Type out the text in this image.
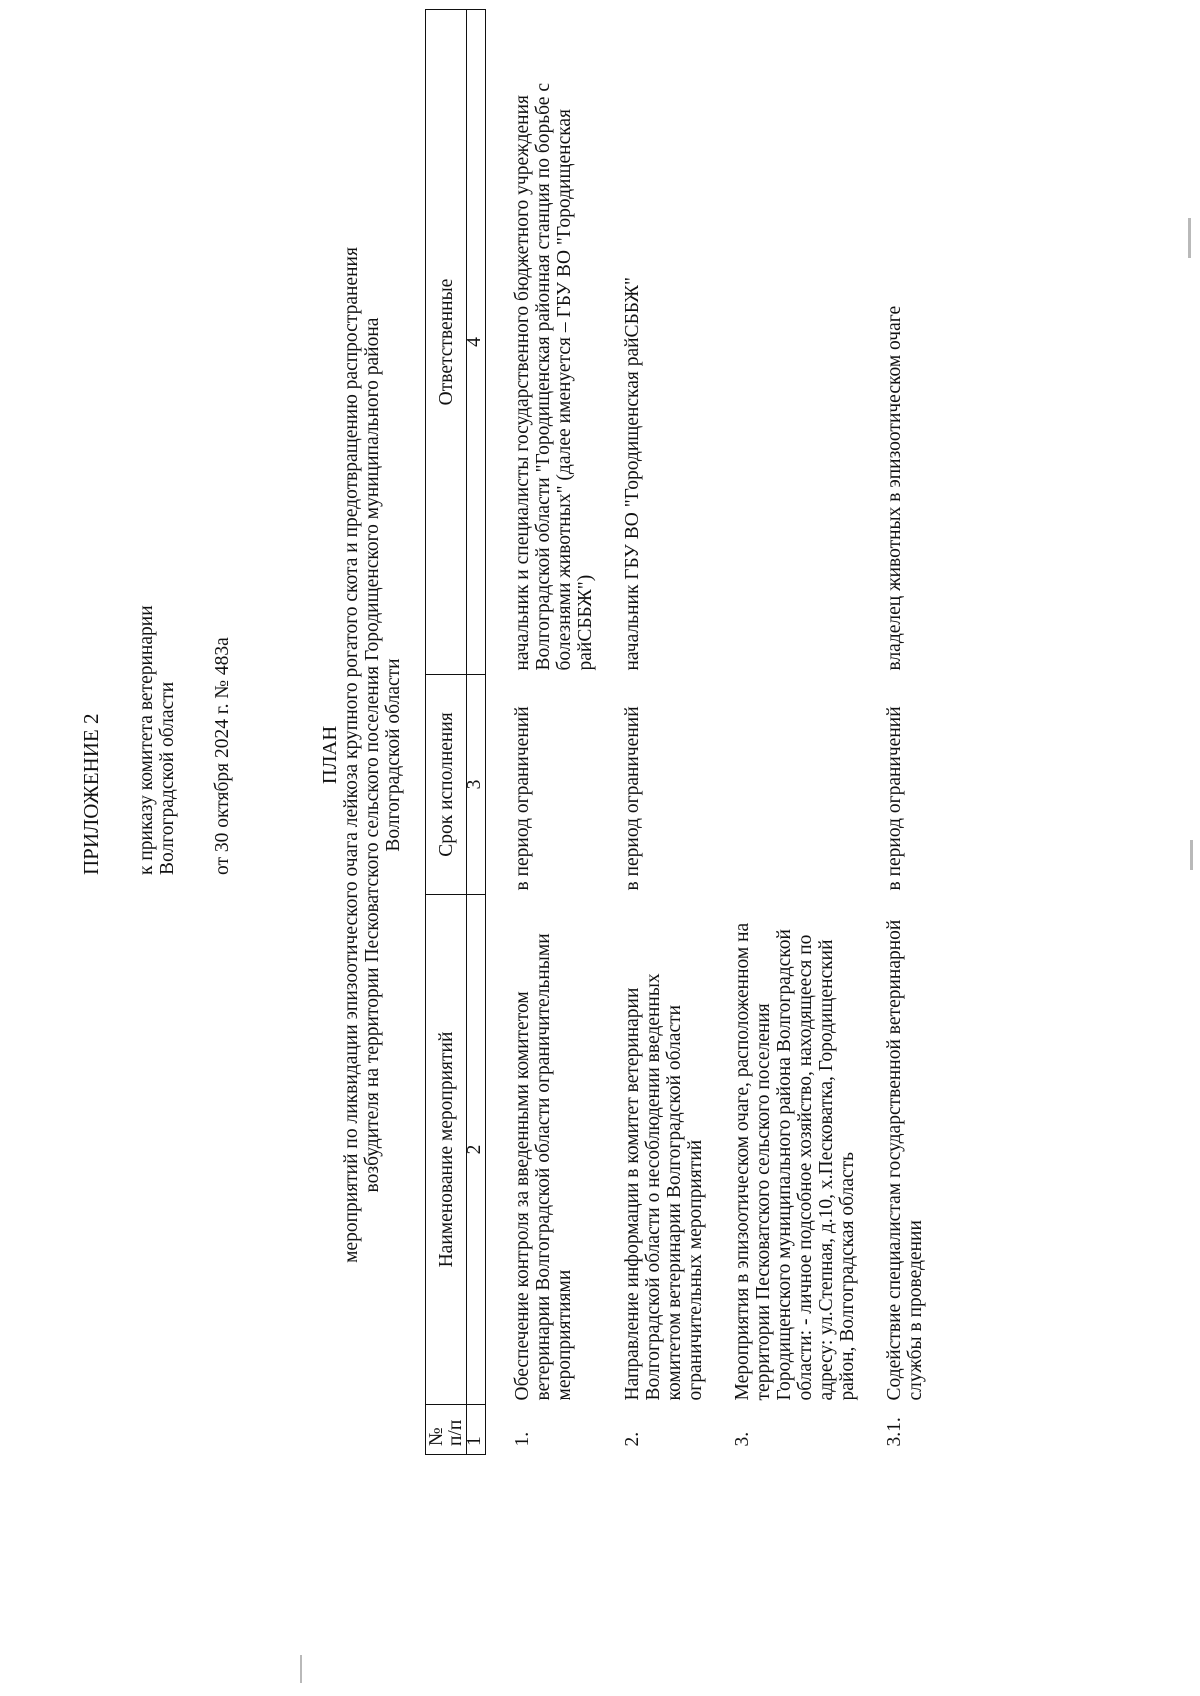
ПРИЛОЖЕНИЕ 2 к приказу комитета ветеринарии Волгоградской области от 30 октября 2024 г. № 483а	ПЛАН мероприятий по ликвидации эпизоотического очага лейкоза крупного рогатого скота и предотвращению распространения возбудителя на территории Песковатского сельского поселения Городищенского муниципального района Волгоградской области
№ п/п	Наименование мероприятий	Срок исполнения	Ответственные
1	2	3	4
1.	Обеспечение контроля за введенными комитетом ветеринарии Волгоградской области ограничительными мероприятиями	в период ограничений	начальник и специалисты государственного бюджетного учреждения Волгоградской области "Городищенская районная станция по борьбе с болезнями животных" (далее именуется – ГБУ ВО "Городищенская райСББЖ")
2.	Направление информации в комитет ветеринарии Волгоградской области о несоблюдении введенных комитетом ветеринарии Волгоградской области ограничительных мероприятий	в период ограничений	начальник ГБУ ВО "Городищенская райСББЖ"
3.	Мероприятия в эпизоотическом очаге, расположенном на территории Песковатского сельского поселения Городищенского муниципального района Волгоградской области: - личное подсобное хозяйство, находящееся по адресу: ул.Степная, д.10, х.Песковатка, Городищенский район, Волгоградская область		
3.1.	Содействие специалистам государственной ветеринарной службы в проведении	в период ограничений	владелец животных в эпизоотическом очаге
